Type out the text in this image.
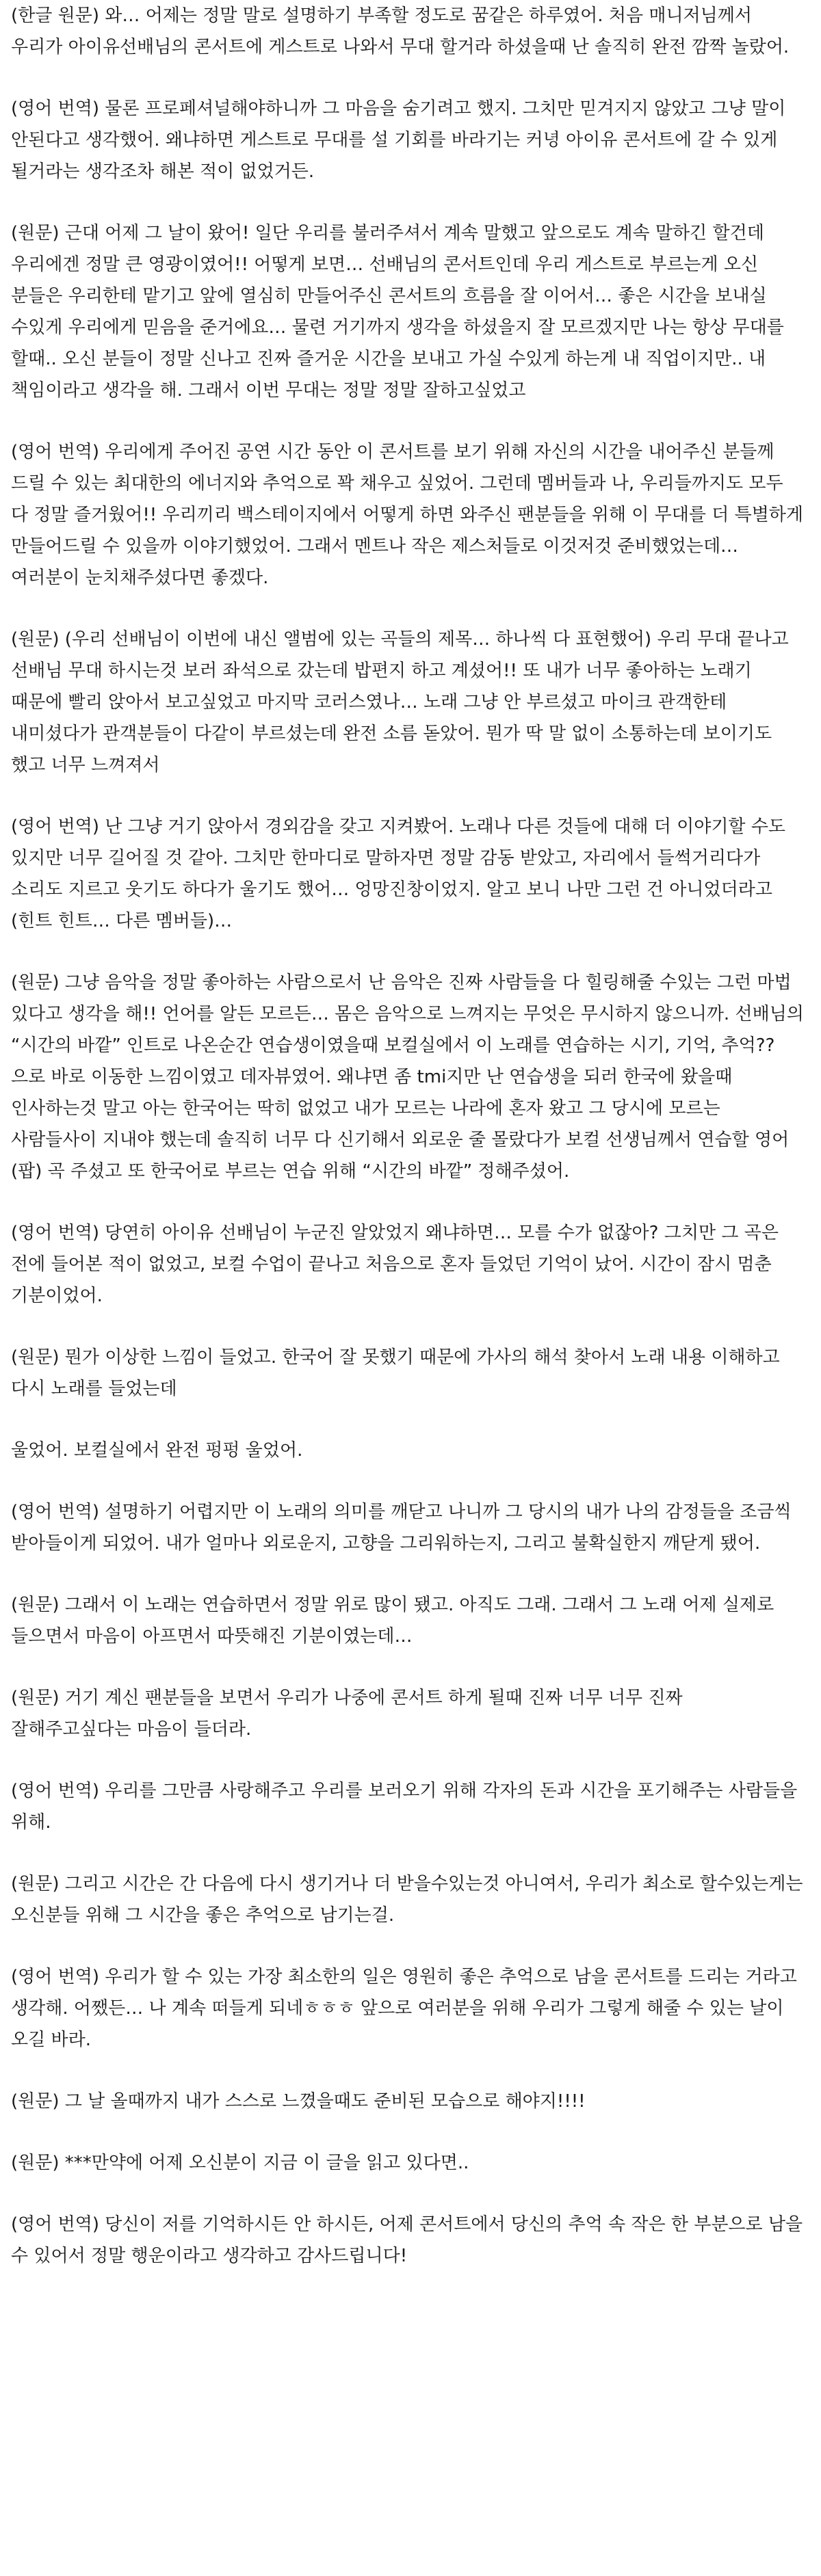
(한글 원문) 와… 어제는 정말 말로 설명하기 부족할 정도로 꿈같은 하루였어. 처음 매니저님께서 우리가 아이유선배님의 콘서트에 게스트로 나와서 무대 할거라 하셨을때 난 솔직히 완전 깜짝 놀랐어.

(영어 번역) 물론 프로페셔널해야하니까 그 마음을 숨기려고 했지. 그치만 믿겨지지 않았고 그냥 말이 안된다고 생각했어. 왜냐하면 게스트로 무대를 설 기회를 바라기는 커녕 아이유 콘서트에 갈 수 있게 될거라는 생각조차 해본 적이 없었거든.

(원문) 근대 어제 그 날이 왔어! 일단 우리를 불러주셔서 계속 말했고 앞으로도 계속 말하긴 할건데 우리에겐 정말 큰 영광이였어!! 어떻게 보면… 선배님의 콘서트인데 우리 게스트로 부르는게 오신 분들은 우리한테 맡기고 앞에 열심히 만들어주신 콘서트의 흐름을 잘 이어서… 좋은 시간을 보내실 수있게 우리에게 믿음을 준거에요… 물련 거기까지 생각을 하셨을지 잘 모르겠지만 나는 항상 무대를 할때.. 오신 분들이 정말 신나고 진짜 즐거운 시간을 보내고 가실 수있게 하는게 내 직업이지만.. 내 책임이라고 생각을 해. 그래서 이번 무대는 정말 정말 잘하고싶었고

(영어 번역) 우리에게 주어진 공연 시간 동안 이 콘서트를 보기 위해 자신의 시간을 내어주신 분들께 드릴 수 있는 최대한의 에너지와 추억으로 꽉 채우고 싶었어. 그런데 멤버들과 나, 우리들까지도 모두 다 정말 즐거웠어!! 우리끼리 백스테이지에서 어떻게 하면 와주신 팬분들을 위해 이 무대를 더 특별하게 만들어드릴 수 있을까 이야기했었어. 그래서 멘트나 작은 제스처들로 이것저것 준비했었는데… 여러분이 눈치채주셨다면 좋겠다.

(원문) (우리 선배님이 이번에 내신 앨범에 있는 곡들의 제목… 하나씩 다 표현했어) 우리 무대 끝나고 선배님 무대 하시는것 보러 좌석으로 갔는데 밥편지 하고 계셨어!! 또 내가 너무 좋아하는 노래기 때문에 빨리 앉아서 보고싶었고 마지막 코러스였나… 노래 그냥 안 부르셨고 마이크 관객한테 내미셨다가 관객분들이 다같이 부르셨는데 완전 소름 돋았어. 뭔가 딱 말 없이 소통하는데 보이기도 했고 너무 느껴져서

(영어 번역) 난 그냥 거기 앉아서 경외감을 갖고 지켜봤어. 노래나 다른 것들에 대해 더 이야기할 수도 있지만 너무 길어질 것 같아. 그치만 한마디로 말하자면 정말 감동 받았고, 자리에서 들썩거리다가 소리도 지르고 웃기도 하다가 울기도 했어… 엉망진창이었지. 알고 보니 나만 그런 건 아니었더라고 (힌트 힌트… 다른 멤버들)…

(원문) 그냥 음악을 정말 좋아하는 사람으로서 난 음악은 진짜 사람들을 다 힐링해줄 수있는 그런 마법 있다고 생각을 해!! 언어를 알든 모르든… 몸은 음악으로 느껴지는 무엇은 무시하지 않으니까. 선배님의 “시간의 바깥” 인트로 나온순간 연습생이였을때 보컬실에서 이 노래를 연습하는 시기, 기억, 추억?? 으로 바로 이동한 느낌이였고 데자뷰였어. 왜냐면 좀 tmi지만 난 연습생을 되러 한국에 왔을때 인사하는것 말고 아는 한국어는 딱히 없었고 내가 모르는 나라에 혼자 왔고 그 당시에 모르는 사람들사이 지내야 했는데 솔직히 너무 다 신기해서 외로운 줄 몰랐다가 보컬 선생님께서 연습할 영어 (팝) 곡 주셨고 또 한국어로 부르는 연습 위해 “시간의 바깥” 정해주셨어.

(영어 번역) 당연히 아이유 선배님이 누군진 알았었지 왜냐하면… 모를 수가 없잖아? 그치만 그 곡은 전에 들어본 적이 없었고, 보컬 수업이 끝나고 처음으로 혼자 들었던 기억이 났어. 시간이 잠시 멈춘 기분이었어.

(원문) 뭔가 이상한 느낌이 들었고. 한국어 잘 못했기 때문에 가사의 해석 찾아서 노래 내용 이해하고 다시 노래를 들었는데

울었어. 보컬실에서 완전 펑펑 울었어.

(영어 번역) 설명하기 어렵지만 이 노래의 의미를 깨닫고 나니까 그 당시의 내가 나의 감정들을 조금씩 받아들이게 되었어. 내가 얼마나 외로운지, 고향을 그리워하는지, 그리고 불확실한지 깨닫게 됐어.

(원문) 그래서 이 노래는 연습하면서 정말 위로 많이 됐고. 아직도 그래. 그래서 그 노래 어제 실제로 들으면서 마음이 아프면서 따뜻해진 기분이였는데…

(원문) 거기 계신 팬분들을 보면서 우리가 나중에 콘서트 하게 될때 진짜 너무 너무 진짜 잘해주고싶다는 마음이 들더라.

(영어 번역) 우리를 그만큼 사랑해주고 우리를 보러오기 위해 각자의 돈과 시간을 포기해주는 사람들을 위해.

(원문) 그리고 시간은 간 다음에 다시 생기거나 더 받을수있는것 아니여서, 우리가 최소로 할수있는게는 오신분들 위해 그 시간을 좋은 추억으로 남기는걸.

(영어 번역) 우리가 할 수 있는 가장 최소한의 일은 영원히 좋은 추억으로 남을 콘서트를 드리는 거라고 생각해. 어쨌든… 나 계속 떠들게 되네ㅎㅎㅎ 앞으로 여러분을 위해 우리가 그렇게 해줄 수 있는 날이 오길 바라.

(원문) 그 날 올때까지 내가 스스로 느꼈을때도 준비된 모습으로 해야지!!!!

(원문) ***만약에 어제 오신분이 지금 이 글을 읽고 있다면..

(영어 번역) 당신이 저를 기억하시든 안 하시든, 어제 콘서트에서 당신의 추억 속 작은 한 부분으로 남을 수 있어서 정말 행운이라고 생각하고 감사드립니다!
